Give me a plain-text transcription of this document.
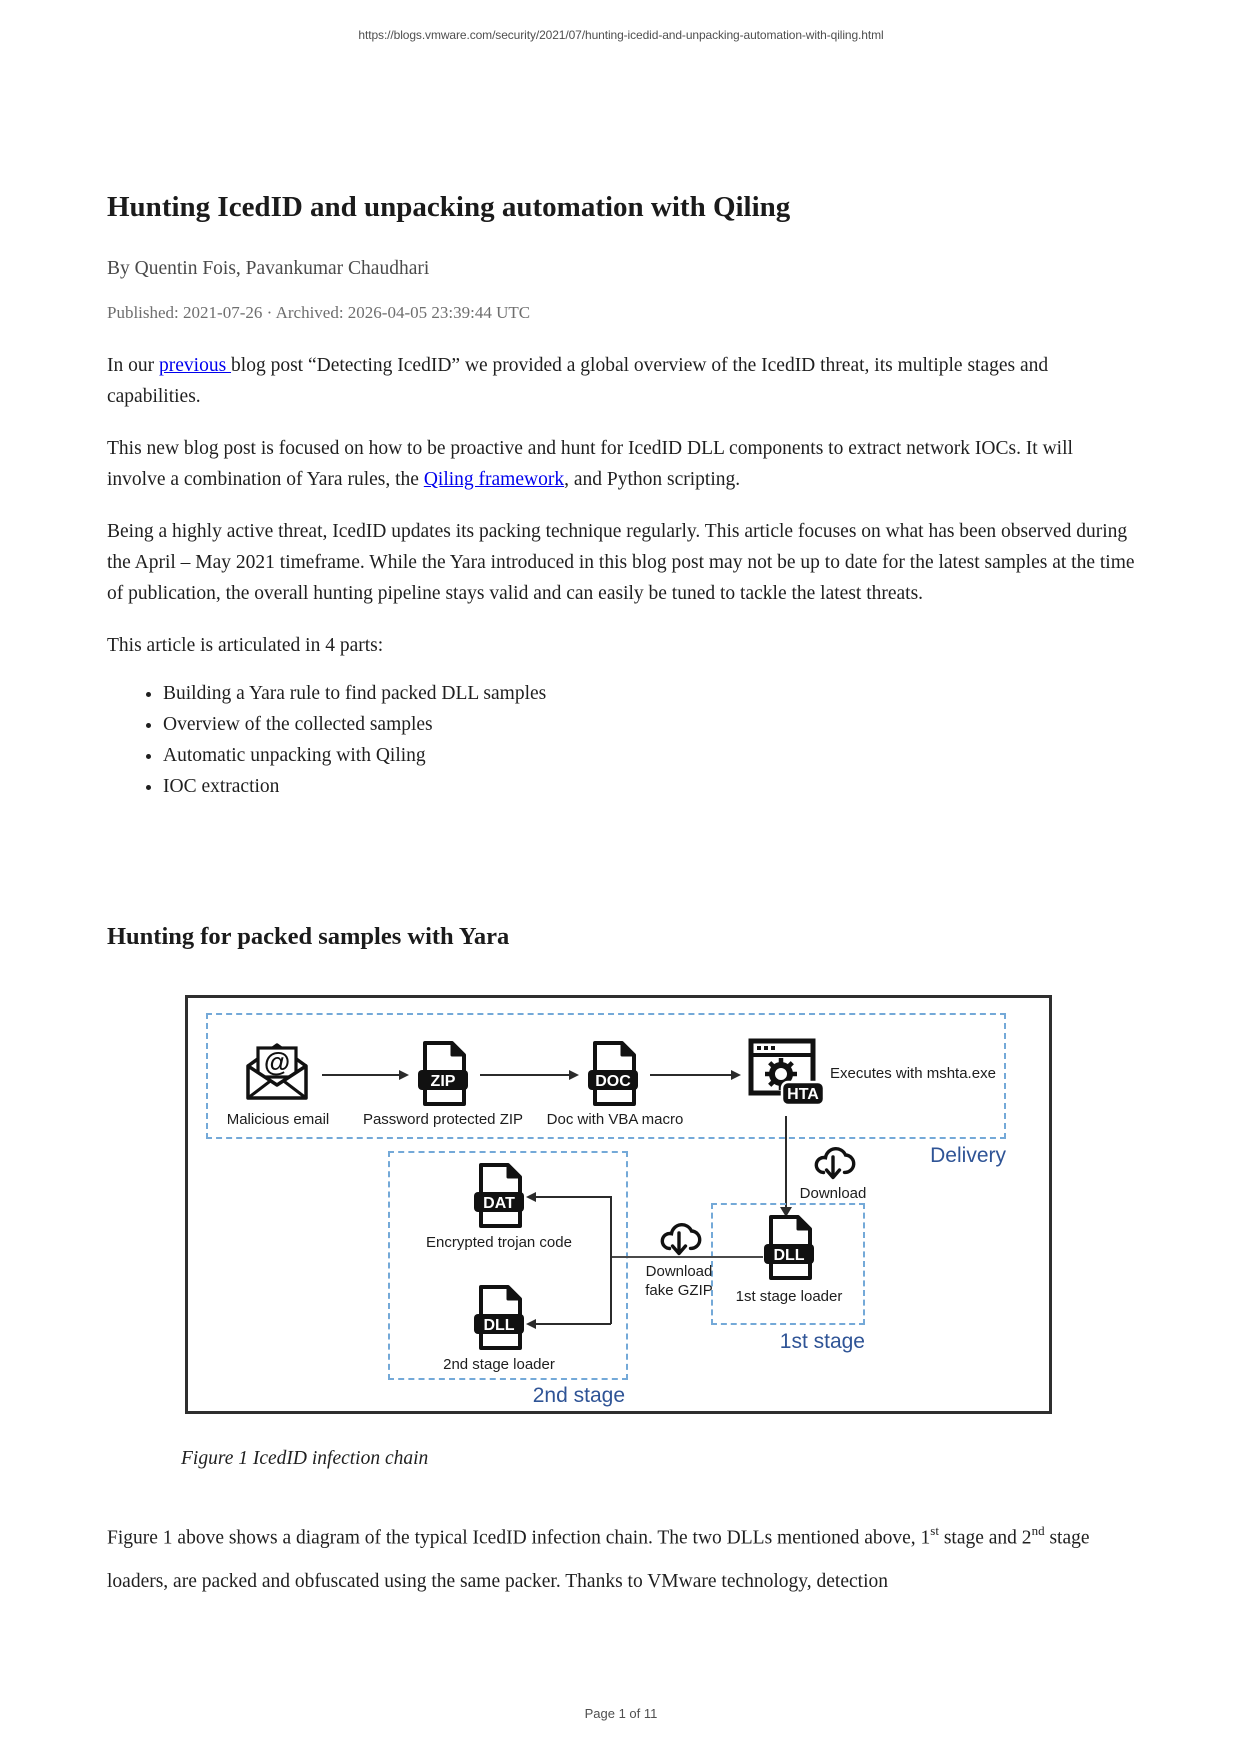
https://blogs.vmware.com/security/2021/07/hunting-icedid-and-unpacking-automation-with-qiling.html
Hunting IcedID and unpacking automation with Qiling
By Quentin Fois, Pavankumar Chaudhari
Published: 2021-07-26 · Archived: 2026-04-05 23:39:44 UTC

In our previous blog post “Detecting IcedID” we provided a global overview of the IcedID threat, its multiple stages and capabilities.

This new blog post is focused on how to be proactive and hunt for IcedID DLL components to extract network IOCs. It will involve a combination of Yara rules, the Qiling framework, and Python scripting.

Being a highly active threat, IcedID updates its packing technique regularly. This article focuses on what has been observed during the April – May 2021 timeframe. While the Yara introduced in this blog post may not be up to date for the latest samples at the time of publication, the overall hunting pipeline stays valid and can easily be tuned to tackle the latest threats.

This article is articulated in 4 parts:

• Building a Yara rule to find packed DLL samples
• Overview of the collected samples
• Automatic unpacking with Qiling
• IOC extraction
Hunting for packed samples with Yara
@
ZIP	DOC
HTA
Malicious email	Password protected ZIP	Doc with VBA macro
Executes with mshta.exe
Delivery
Download
DLL
1st stage loader
1st stage
DAT
Encrypted trojan code
DLL
2nd stage loader
2nd stage
Download
fake GZIP
Figure 1 IcedID infection chain

Figure 1 above shows a diagram of the typical IcedID infection chain. The two DLLs mentioned above, 1st stage and 2nd stage loaders, are packed and obfuscated using the same packer. Thanks to VMware technology, detection

Page 1 of 11
